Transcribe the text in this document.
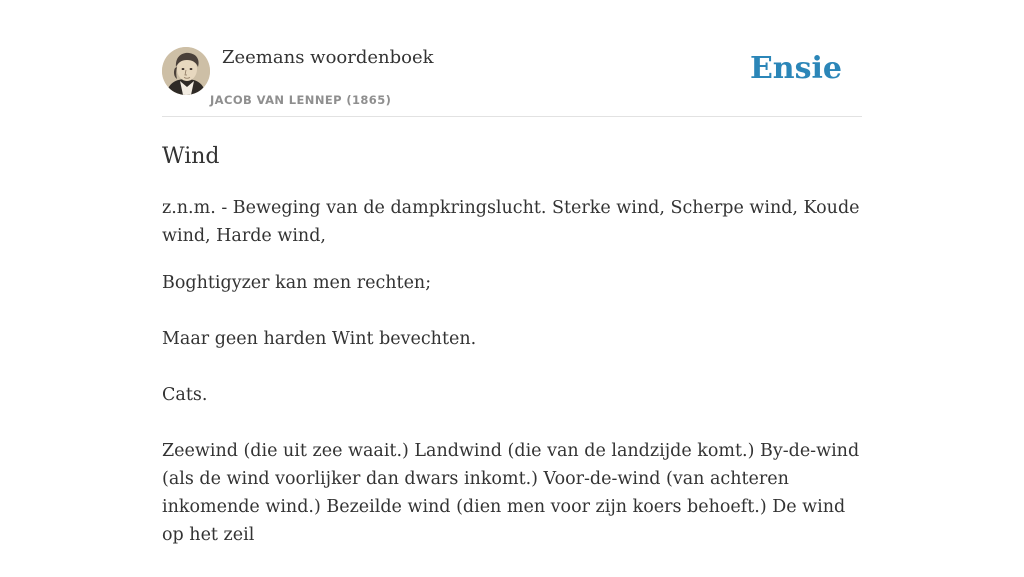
Zeemans woordenboek
JACOB VAN LENNEP (1865)
Ensie
Wind

z.n.m. - Beweging van de dampkringslucht. Sterke wind, Scherpe wind, Koude wind, Harde wind,

Boghtigyzer kan men rechten;

Maar geen harden Wint bevechten.

Cats.

Zeewind (die uit zee waait.) Landwind (die van de landzijde komt.) By-de-wind (als de wind voorlijker dan dwars inkomt.) Voor-de-wind (van achteren inkomende wind.) Bezeilde wind (dien men voor zijn koers behoeft.) De wind op het zeil
